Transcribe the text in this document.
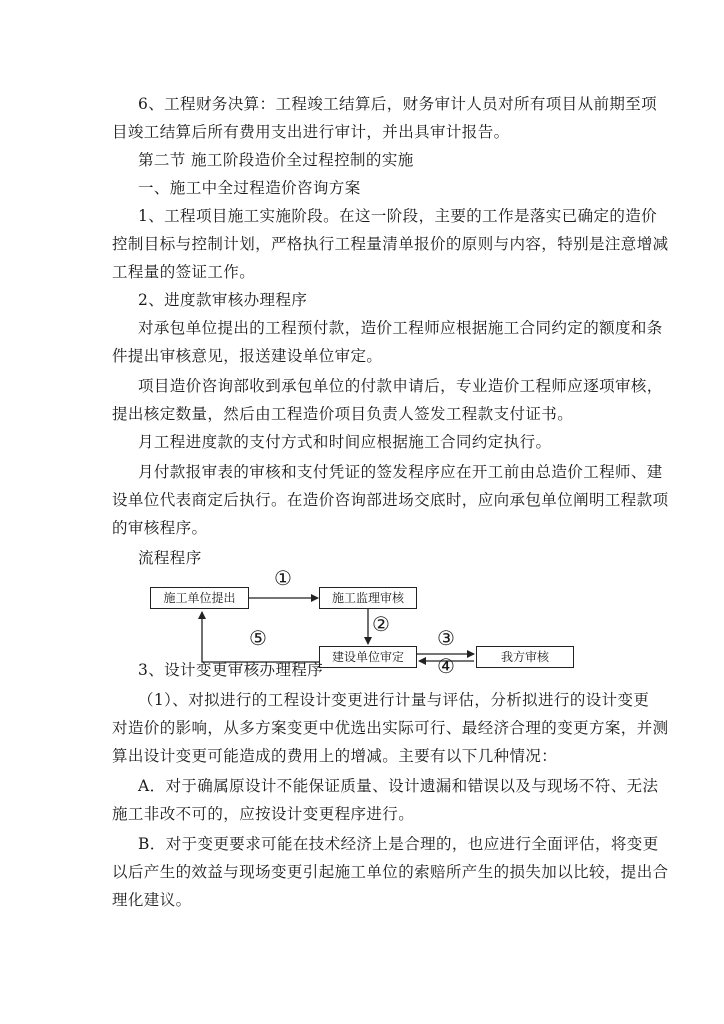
6、工程财务决算：工程竣工结算后，财务审计人员对所有项目从前期至项
目竣工结算后所有费用支出进行审计，并出具审计报告。
第二节 施工阶段造价全过程控制的实施
一、施工中全过程造价咨询方案
1、工程项目施工实施阶段。在这一阶段，主要的工作是落实已确定的造价
控制目标与控制计划，严格执行工程量清单报价的原则与内容，特别是注意增减
工程量的签证工作。
2、进度款审核办理程序
对承包单位提出的工程预付款，造价工程师应根据施工合同约定的额度和条
件提出审核意见，报送建设单位审定。
项目造价咨询部收到承包单位的付款申请后，专业造价工程师应逐项审核，
提出核定数量，然后由工程造价项目负责人签发工程款支付证书。
月工程进度款的支付方式和时间应根据施工合同约定执行。
月付款报审表的审核和支付凭证的签发程序应在开工前由总造价工程师、建
设单位代表商定后执行。在造价咨询部进场交底时，应向承包单位阐明工程款项
的审核程序。
流程程序
施工单位提出	施工监理审核
建设单位审定	我方审核
①
②
③
④
⑤
3、设计变更审核办理程序
（1）、对拟进行的工程设计变更进行计量与评估，分析拟进行的设计变更
对造价的影响，从多方案变更中优选出实际可行、最经济合理的变更方案，并测
算出设计变更可能造成的费用上的增减。主要有以下几种情况：
A．对于确属原设计不能保证质量、设计遗漏和错误以及与现场不符、无法
施工非改不可的，应按设计变更程序进行。
B．对于变更要求可能在技术经济上是合理的，也应进行全面评估，将变更
以后产生的效益与现场变更引起施工单位的索赔所产生的损失加以比较，提出合
理化建议。
